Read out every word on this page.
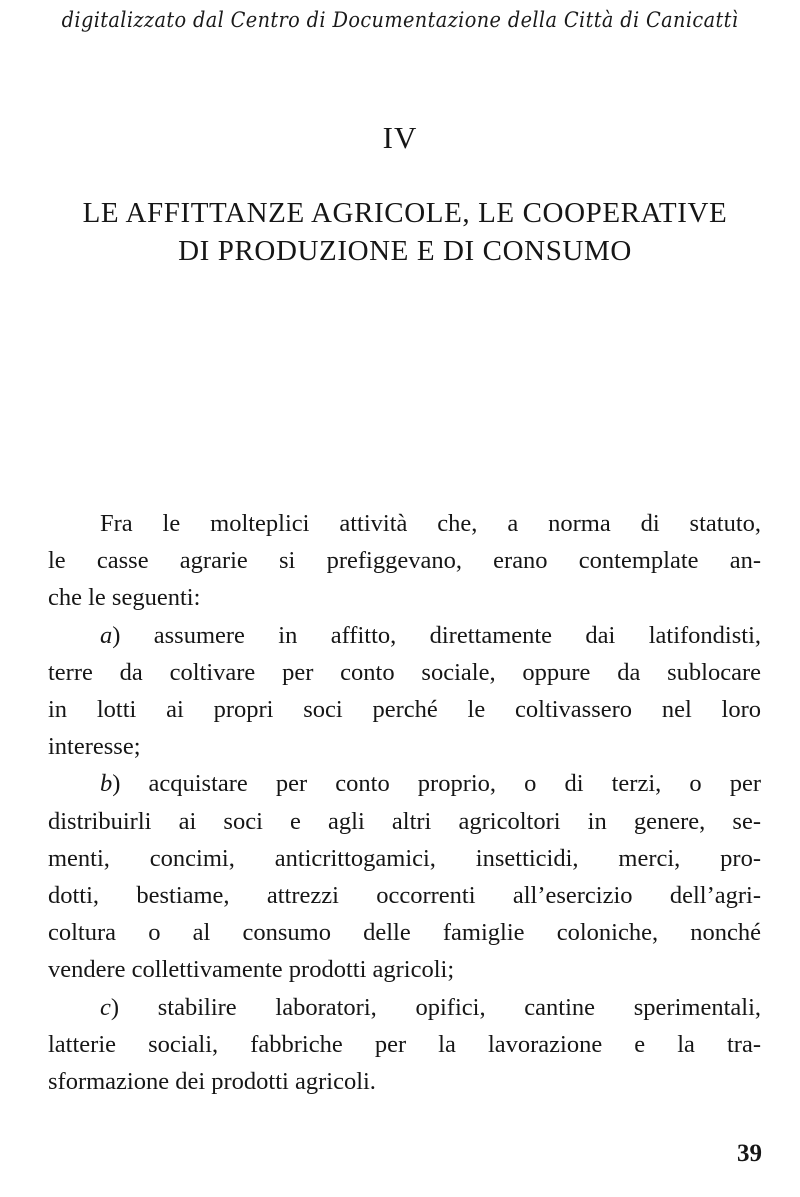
digitalizzato dal Centro di Documentazione della Città di Canicattì
IV
LE AFFITTANZE AGRICOLE, LE COOPERATIVE
DI PRODUZIONE E DI CONSUMO

Fra le molteplici attività che, a norma di statuto,
le casse agrarie si prefiggevano, erano contemplate an-
che le seguenti:

a) assumere in affitto, direttamente dai latifondisti,
terre da coltivare per conto sociale, oppure da sublocare
in lotti ai propri soci perché le coltivassero nel loro
interesse;

b) acquistare per conto proprio, o di terzi, o per
distribuirli ai soci e agli altri agricoltori in genere, se-
menti, concimi, anticrittogamici, insetticidi, merci, pro-
dotti, bestiame, attrezzi occorrenti all’esercizio dell’agri-
coltura o al consumo delle famiglie coloniche, nonché
vendere collettivamente prodotti agricoli;

c) stabilire laboratori, opifici, cantine sperimentali,
latterie sociali, fabbriche per la lavorazione e la tra-
sformazione dei prodotti agricoli.

39
